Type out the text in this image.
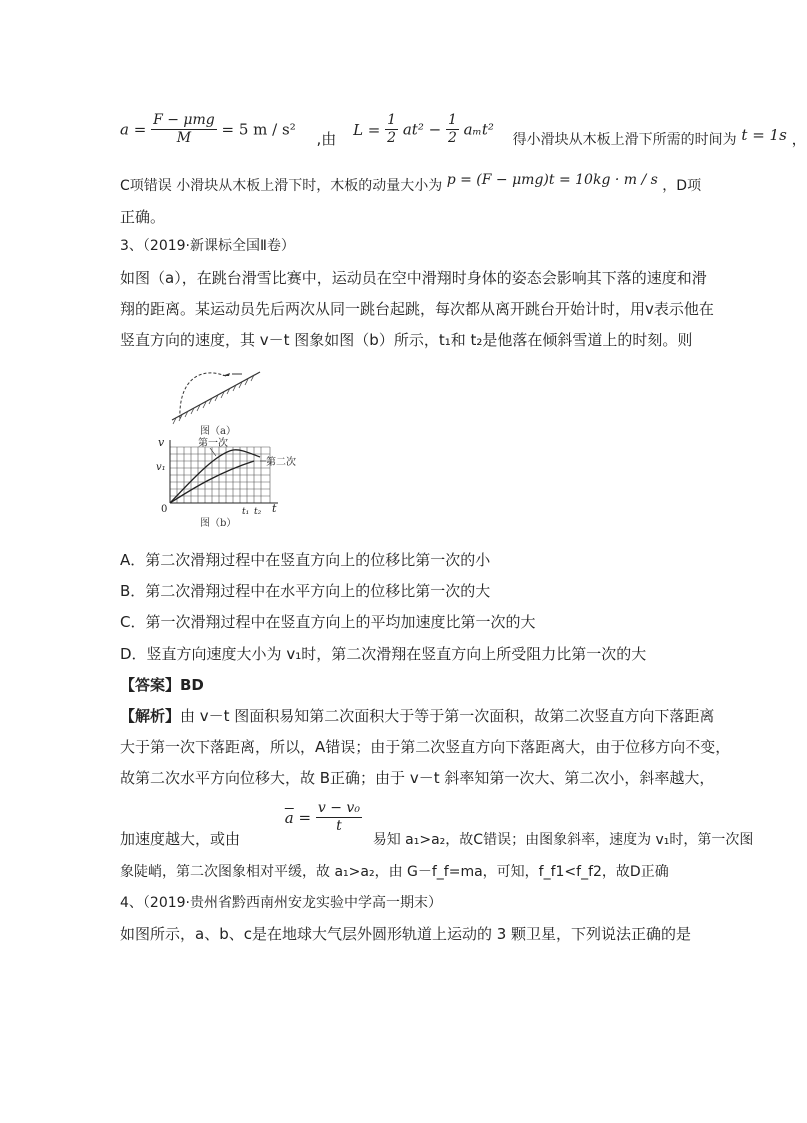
$a = \frac{\text{F − μmg}}{M} = 5$ m / s² ,由 $L = \frac{1}{2} at^2 - \frac{1}{2} a_mt^2$ 得小滑块从木板上滑下所需的时间为 t = 1s ，
C项错误 小滑块从木板上滑下时，木板的动量大小为 p = (F − μmg)t = 10kg · m / s ，D项
正确。
3、（2019·新课标全国Ⅱ卷）
如图（a），在跳台滑雪比赛中，运动员在空中滑翔时身体的姿态会影响其下落的速度和滑
翔的距离。某运动员先后两次从同一跳台起跳，每次都从离开跳台开始计时，用v表示他在
竖直方向的速度，其 v－t 图象如图（b）所示，t₁和 t₂是他落在倾斜雪道上的时刻。则
图（a）
v
t
0
v₁
t₁ t₂
第一次
第二次
图（b）
A．第二次滑翔过程中在竖直方向上的位移比第一次的小
B．第二次滑翔过程中在水平方向上的位移比第一次的大
C．第一次滑翔过程中在竖直方向上的平均加速度比第一次的大
D．竖直方向速度大小为 v₁时，第二次滑翔在竖直方向上所受阻力比第一次的大
【答案】BD
【解析】由 v－t 图面积易知第二次面积大于等于第一次面积，故第二次竖直方向下落距离
大于第一次下落距离，所以，A错误；由于第二次竖直方向下落距离大，由于位移方向不变，
故第二次水平方向位移大，故 B正确；由于 v－t 斜率知第一次大、第二次小，斜率越大，
加速度越大，或由 $\overline{a} = \frac{\text{v − v₀}}{t}$
易知 a₁>a₂，故C错误；由图象斜率，速度为 v₁时，第一次图
象陡峭，第二次图象相对平缓，故 a₁>a₂，由 G－f_f=ma，可知，f_f1<f_f2，故D正确
4、（2019·贵州省黔西南州安龙实验中学高一期末）
如图所示，a、b、c是在地球大气层外圆形轨道上运动的 3 颗卫星，下列说法正确的是
